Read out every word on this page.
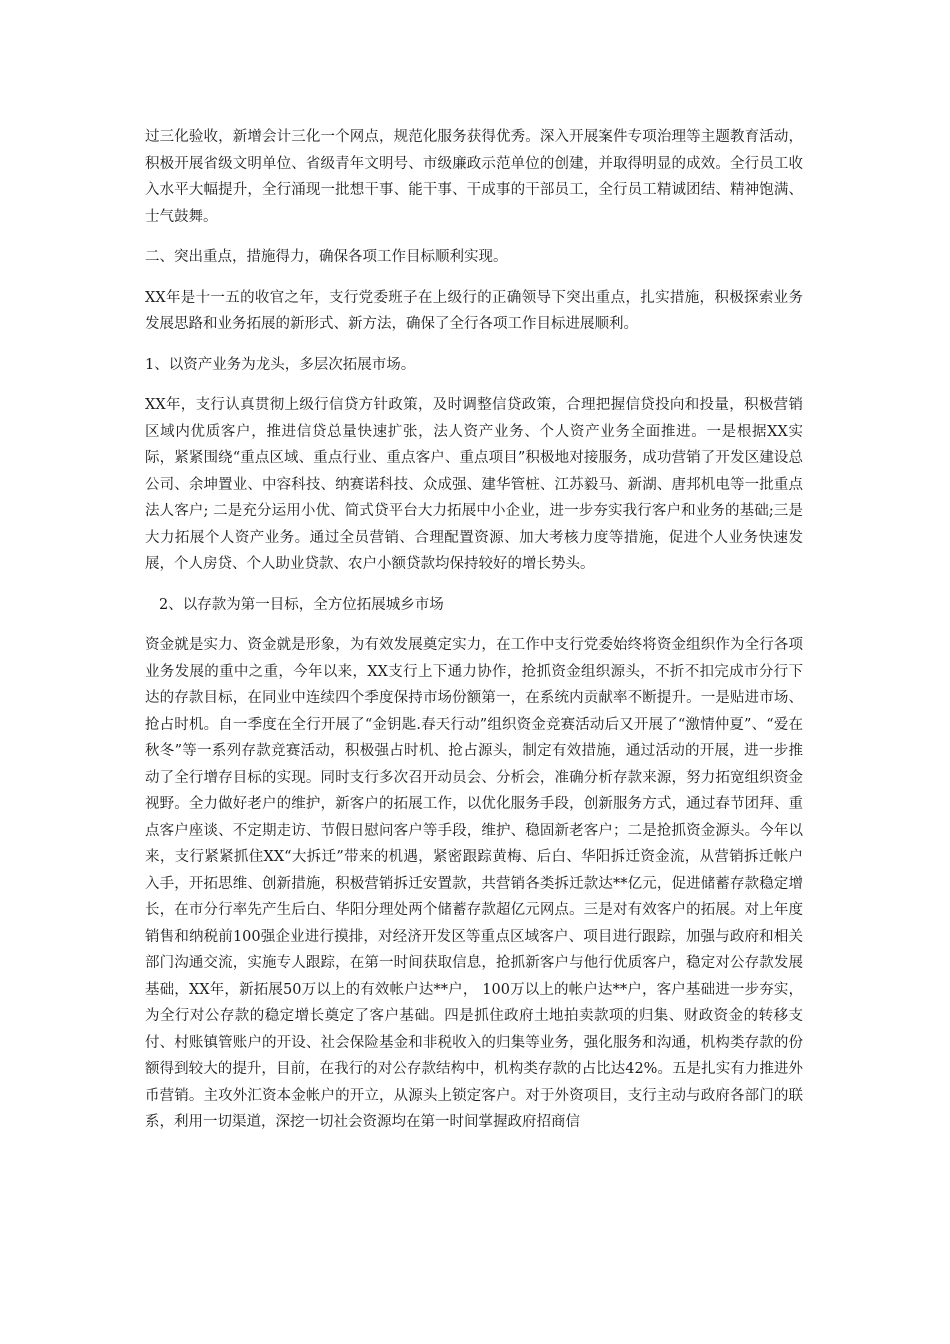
过三化验收，新增会计三化一个网点，规范化服务获得优秀。深入开展案件专项治理等主题教育活动，积极开展省级文明单位、省级青年文明号、市级廉政示范单位的创建，并取得明显的成效。全行员工收入水平大幅提升，全行涌现一批想干事、能干事、干成事的干部员工，全行员工精诚团结、精神饱满、士气鼓舞。

二、突出重点，措施得力，确保各项工作目标顺利实现。

XX年是十一五的收官之年，支行党委班子在上级行的正确领导下突出重点，扎实措施，积极探索业务发展思路和业务拓展的新形式、新方法，确保了全行各项工作目标进展顺利。

1、以资产业务为龙头，多层次拓展市场。

XX年，支行认真贯彻上级行信贷方针政策，及时调整信贷政策，合理把握信贷投向和投量，积极营销区域内优质客户，推进信贷总量快速扩张，法人资产业务、个人资产业务全面推进。一是根据XX实际，紧紧围绕“重点区域、重点行业、重点客户、重点项目”积极地对接服务，成功营销了开发区建设总公司、余坤置业、中容科技、纳赛诺科技、众成强、建华管桩、江苏毅马、新湖、唐邦机电等一批重点法人客户; 二是充分运用小优、简式贷平台大力拓展中小企业，进一步夯实我行客户和业务的基础;三是大力拓展个人资产业务。通过全员营销、合理配置资源、加大考核力度等措施，促进个人业务快速发展，个人房贷、个人助业贷款、农户小额贷款均保持较好的增长势头。

2、以存款为第一目标，全方位拓展城乡市场

资金就是实力、资金就是形象，为有效发展奠定实力，在工作中支行党委始终将资金组织作为全行各项业务发展的重中之重，今年以来，XX支行上下通力协作，抢抓资金组织源头，不折不扣完成市分行下达的存款目标，在同业中连续四个季度保持市场份额第一，在系统内贡献率不断提升。一是贴进市场、抢占时机。自一季度在全行开展了“金钥匙.春天行动”组织资金竞赛活动后又开展了“激情仲夏”、“爱在秋冬”等一系列存款竞赛活动，积极强占时机、抢占源头，制定有效措施，通过活动的开展，进一步推动了全行增存目标的实现。同时支行多次召开动员会、分析会，准确分析存款来源，努力拓宽组织资金视野。全力做好老户的维护，新客户的拓展工作，以优化服务手段，创新服务方式，通过春节团拜、重点客户座谈、不定期走访、节假日慰问客户等手段，维护、稳固新老客户；二是抢抓资金源头。今年以来，支行紧紧抓住XX“大拆迁”带来的机遇，紧密跟踪黄梅、后白、华阳拆迁资金流，从营销拆迁帐户入手，开拓思维、创新措施，积极营销拆迁安置款，共营销各类拆迁款达**亿元，促进储蓄存款稳定增长，在市分行率先产生后白、华阳分理处两个储蓄存款超亿元网点。三是对有效客户的拓展。对上年度销售和纳税前100强企业进行摸排，对经济开发区等重点区域客户、项目进行跟踪，加强与政府和相关部门沟通交流，实施专人跟踪，在第一时间获取信息，抢抓新客户与他行优质客户，稳定对公存款发展基础，XX年，新拓展50万以上的有效帐户达**户， 100万以上的帐户达**户，客户基础进一步夯实，为全行对公存款的稳定增长奠定了客户基础。四是抓住政府土地拍卖款项的归集、财政资金的转移支付、村账镇管账户的开设、社会保险基金和非税收入的归集等业务，强化服务和沟通，机构类存款的份额得到较大的提升，目前，在我行的对公存款结构中，机构类存款的占比达42%。五是扎实有力推进外币营销。主攻外汇资本金帐户的开立，从源头上锁定客户。对于外资项目，支行主动与政府各部门的联系，利用一切渠道，深挖一切社会资源均在第一时间掌握政府招商信
